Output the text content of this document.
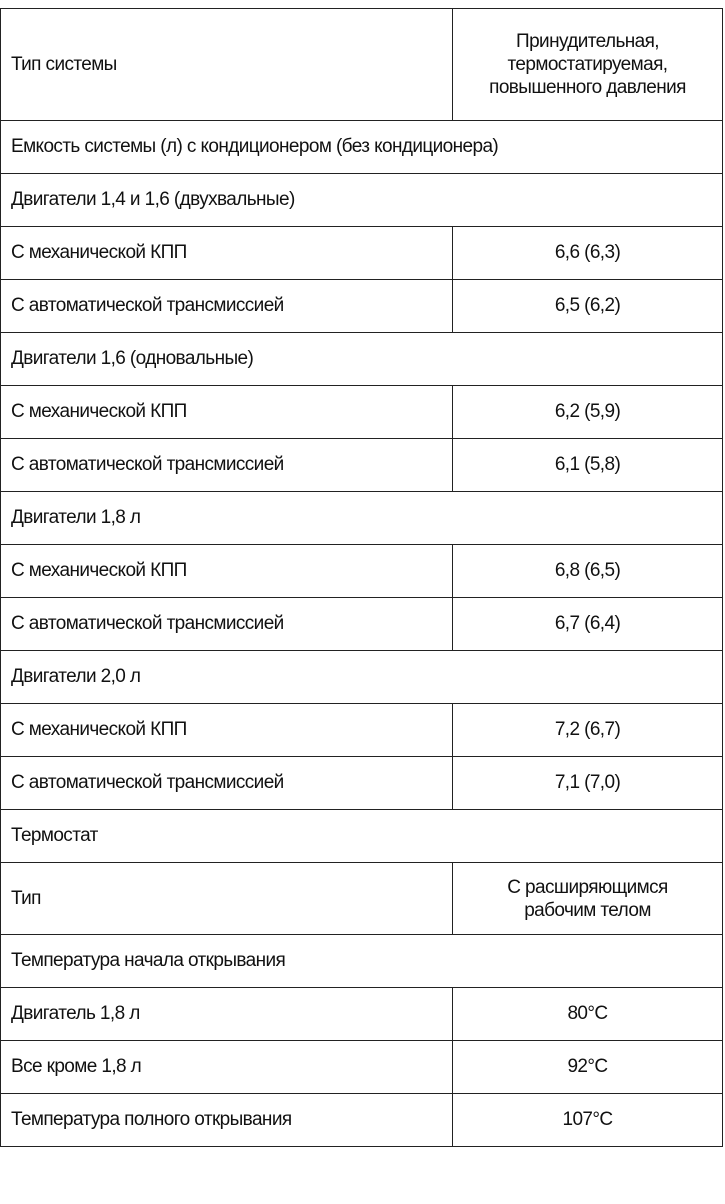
Тип системы	Принудительная,
термостатируемая,
повышенного давления

Емкость системы (л) с кондиционером (без кондиционера)	
Двигатели 1,4 и 1,6 (двухвальные)	
С механической КПП	6,6 (6,3)
С автоматической трансмиссией	6,5 (6,2)
Двигатели 1,6 (одновальные)	
С механической КПП	6,2 (5,9)
С автоматической трансмиссией	6,1 (5,8)
Двигатели 1,8 л	
С механической КПП	6,8 (6,5)
С автоматической трансмиссией	6,7 (6,4)
Двигатели 2,0 л	
С механической КПП	7,2 (6,7)
С автоматической трансмиссией	7,1 (7,0)
Термостат	
Тип	С расширяющимся
рабочим телом

Температура начала открывания	
Двигатель 1,8 л	80°C
Все кроме 1,8 л	92°C
Температура полного открывания	107°C
